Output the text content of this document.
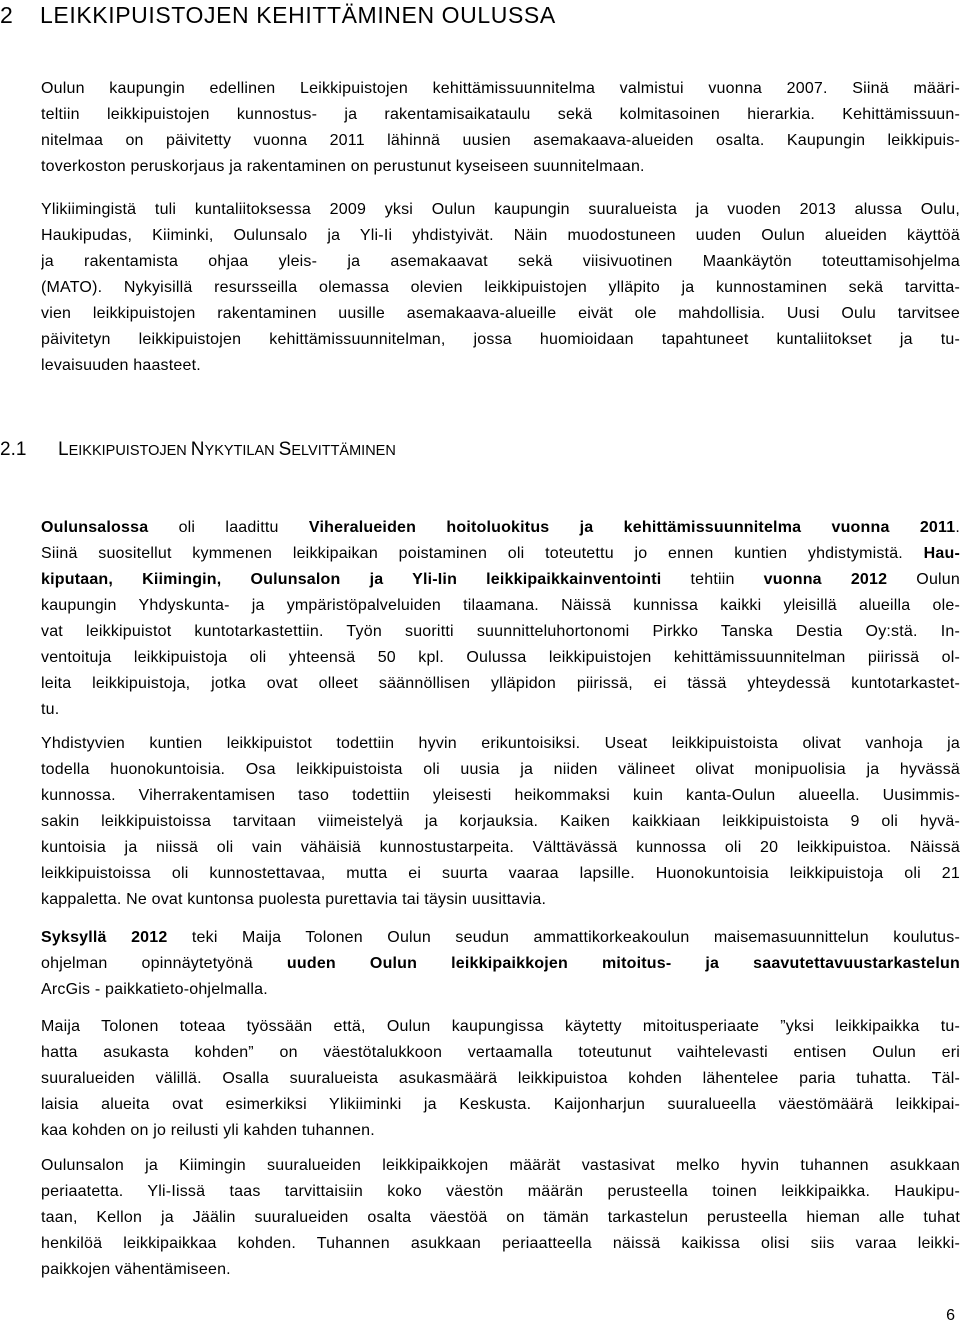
2 LEIKKIPUISTOJEN KEHITTÄMINEN OULUSSA
Oulun kaupungin edellinen Leikkipuistojen kehittämissuunnitelma valmistui vuonna 2007. Siinä määri-
teltiin leikkipuistojen kunnostus- ja rakentamisaikataulu sekä kolmitasoinen hierarkia. Kehittämissuun-
nitelmaa on päivitetty vuonna 2011 lähinnä uusien asemakaava-alueiden osalta. Kaupungin leikkipuis-
toverkoston peruskorjaus ja rakentaminen on perustunut kyseiseen suunnitelmaan.
Ylikiimingistä tuli kuntaliitoksessa 2009 yksi Oulun kaupungin suuralueista ja vuoden 2013 alussa Oulu,
Haukipudas, Kiiminki, Oulunsalo ja Yli-Ii yhdistyivät. Näin muodostuneen uuden Oulun alueiden käyttöä
ja rakentamista ohjaa yleis- ja asemakaavat sekä viisivuotinen Maankäytön toteuttamisohjelma
(MATO). Nykyisillä resursseilla olemassa olevien leikkipuistojen ylläpito ja kunnostaminen sekä tarvitta-
vien leikkipuistojen rakentaminen uusille asemakaava-alueille eivät ole mahdollisia. Uusi Oulu tarvitsee
päivitetyn leikkipuistojen kehittämissuunnitelman, jossa huomioidaan tapahtuneet kuntaliitokset ja tu-
levaisuuden haasteet.
2.1 LEIKKIPUISTOJEN NYKYTILAN SELVITTÄMINEN
Oulunsalossa oli laadittu Viheralueiden hoitoluokitus ja kehittämissuunnitelma vuonna 2011.
Siinä suositellut kymmenen leikkipaikan poistaminen oli toteutettu jo ennen kuntien yhdistymistä. Hau-
kiputaan, Kiimingin, Oulunsalon ja Yli-Iin leikkipaikkainventointi tehtiin vuonna 2012 Oulun
kaupungin Yhdyskunta- ja ympäristöpalveluiden tilaamana. Näissä kunnissa kaikki yleisillä alueilla ole-
vat leikkipuistot kuntotarkastettiin. Työn suoritti suunnitteluhortonomi Pirkko Tanska Destia Oy:stä. In-
ventoituja leikkipuistoja oli yhteensä 50 kpl. Oulussa leikkipuistojen kehittämissuunnitelman piirissä ol-
leita leikkipuistoja, jotka ovat olleet säännöllisen ylläpidon piirissä, ei tässä yhteydessä kuntotarkastet-
tu.
Yhdistyvien kuntien leikkipuistot todettiin hyvin erikuntoisiksi. Useat leikkipuistoista olivat vanhoja ja
todella huonokuntoisia. Osa leikkipuistoista oli uusia ja niiden välineet olivat monipuolisia ja hyvässä
kunnossa. Viherrakentamisen taso todettiin yleisesti heikommaksi kuin kanta-Oulun alueella. Uusimmis-
sakin leikkipuistoissa tarvitaan viimeistelyä ja korjauksia. Kaiken kaikkiaan leikkipuistoista 9 oli hyvä-
kuntoisia ja niissä oli vain vähäisiä kunnostustarpeita. Välttävässä kunnossa oli 20 leikkipuistoa. Näissä
leikkipuistoissa oli kunnostettavaa, mutta ei suurta vaaraa lapsille. Huonokuntoisia leikkipuistoja oli 21
kappaletta. Ne ovat kuntonsa puolesta purettavia tai täysin uusittavia.
Syksyllä 2012 teki Maija Tolonen Oulun seudun ammattikorkeakoulun maisemasuunnittelun koulutus-
ohjelman opinnäytetyönä uuden Oulun leikkipaikkojen mitoitus- ja saavutettavuustarkastelun
ArcGis - paikkatieto-ohjelmalla.
Maija Tolonen toteaa työssään että, Oulun kaupungissa käytetty mitoitusperiaate ”yksi leikkipaikka tu-
hatta asukasta kohden” on väestötalukkoon vertaamalla toteutunut vaihtelevasti entisen Oulun eri
suuralueiden välillä. Osalla suuralueista asukasmäärä leikkipuistoa kohden lähentelee paria tuhatta. Täl-
laisia alueita ovat esimerkiksi Ylikiiminki ja Keskusta. Kaijonharjun suuralueella väestömäärä leikkipai-
kaa kohden on jo reilusti yli kahden tuhannen.
Oulunsalon ja Kiimingin suuralueiden leikkipaikkojen määrät vastasivat melko hyvin tuhannen asukkaan
periaatetta. Yli-Iissä taas tarvittaisiin koko väestön määrän perusteella toinen leikkipaikka. Haukipu-
taan, Kellon ja Jäälin suuralueiden osalta väestöä on tämän tarkastelun perusteella hieman alle tuhat
henkilöä leikkipaikkaa kohden. Tuhannen asukkaan periaatteella näissä kaikissa olisi siis varaa leikki-
paikkojen vähentämiseen.
6
